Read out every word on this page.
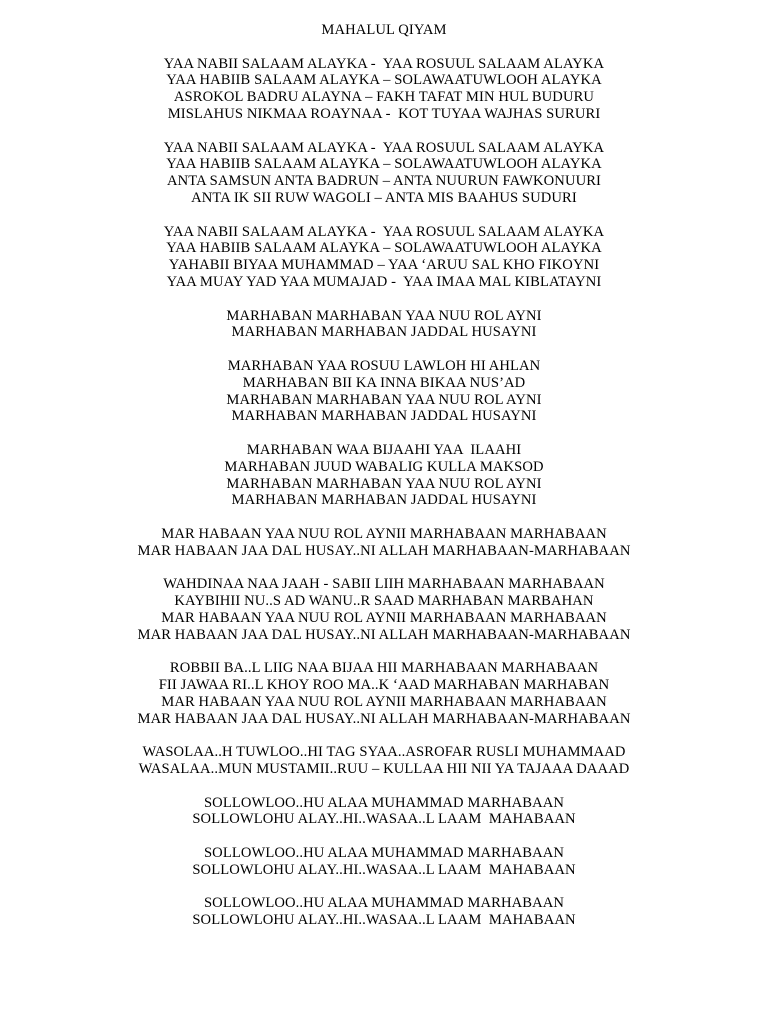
MAHALUL QIYAM
YAA NABII SALAAM ALAYKA -  YAA ROSUUL SALAAM ALAYKA
YAA HABIIB SALAAM ALAYKA – SOLAWAATUWLOOH ALAYKA
ASROKOL BADRU ALAYNA – FAKH TAFAT MIN HUL BUDURU
MISLAHUS NIKMAA ROAYNAA -  KOT TUYAA WAJHAS SURURI
YAA NABII SALAAM ALAYKA -  YAA ROSUUL SALAAM ALAYKA
YAA HABIIB SALAAM ALAYKA – SOLAWAATUWLOOH ALAYKA
ANTA SAMSUN ANTA BADRUN – ANTA NUURUN FAWKONUURI
ANTA IK SII RUW WAGOLI – ANTA MIS BAAHUS SUDURI
YAA NABII SALAAM ALAYKA -  YAA ROSUUL SALAAM ALAYKA
YAA HABIIB SALAAM ALAYKA – SOLAWAATUWLOOH ALAYKA
YAHABII BIYAA MUHAMMAD – YAA ‘ARUU SAL KHO FIKOYNI
YAA MUAY YAD YAA MUMAJAD -  YAA IMAA MAL KIBLATAYNI
MARHABAN MARHABAN YAA NUU ROL AYNI
MARHABAN MARHABAN JADDAL HUSAYNI
MARHABAN YAA ROSUU LAWLOH HI AHLAN
MARHABAN BII KA INNA BIKAA NUS’AD
MARHABAN MARHABAN YAA NUU ROL AYNI
MARHABAN MARHABAN JADDAL HUSAYNI
MARHABAN WAA BIJAAHI YAA  ILAAHI
MARHABAN JUUD WABALIG KULLA MAKSOD
MARHABAN MARHABAN YAA NUU ROL AYNI
MARHABAN MARHABAN JADDAL HUSAYNI
MAR HABAAN YAA NUU ROL AYNII MARHABAAN MARHABAAN
MAR HABAAN JAA DAL HUSAY..NI ALLAH MARHABAAN-MARHABAAN
WAHDINAA NAA JAAH - SABII LIIH MARHABAAN MARHABAAN
KAYBIHII NU..S AD WANU..R SAAD MARHABAN MARBAHAN
MAR HABAAN YAA NUU ROL AYNII MARHABAAN MARHABAAN
MAR HABAAN JAA DAL HUSAY..NI ALLAH MARHABAAN-MARHABAAN
ROBBII BA..L LIIG NAA BIJAA HII MARHABAAN MARHABAAN
FII JAWAA RI..L KHOY ROO MA..K ‘AAD MARHABAN MARHABAN
MAR HABAAN YAA NUU ROL AYNII MARHABAAN MARHABAAN
MAR HABAAN JAA DAL HUSAY..NI ALLAH MARHABAAN-MARHABAAN
WASOLAA..H TUWLOO..HI TAG SYAA..ASROFAR RUSLI MUHAMMAAD
WASALAA..MUN MUSTAMII..RUU – KULLAA HII NII YA TAJAAA DAAAD
SOLLOWLOO..HU ALAA MUHAMMAD MARHABAAN
SOLLOWLOHU ALAY..HI..WASAA..L LAAM  MAHABAAN
SOLLOWLOO..HU ALAA MUHAMMAD MARHABAAN
SOLLOWLOHU ALAY..HI..WASAA..L LAAM  MAHABAAN
SOLLOWLOO..HU ALAA MUHAMMAD MARHABAAN
SOLLOWLOHU ALAY..HI..WASAA..L LAAM  MAHABAAN
